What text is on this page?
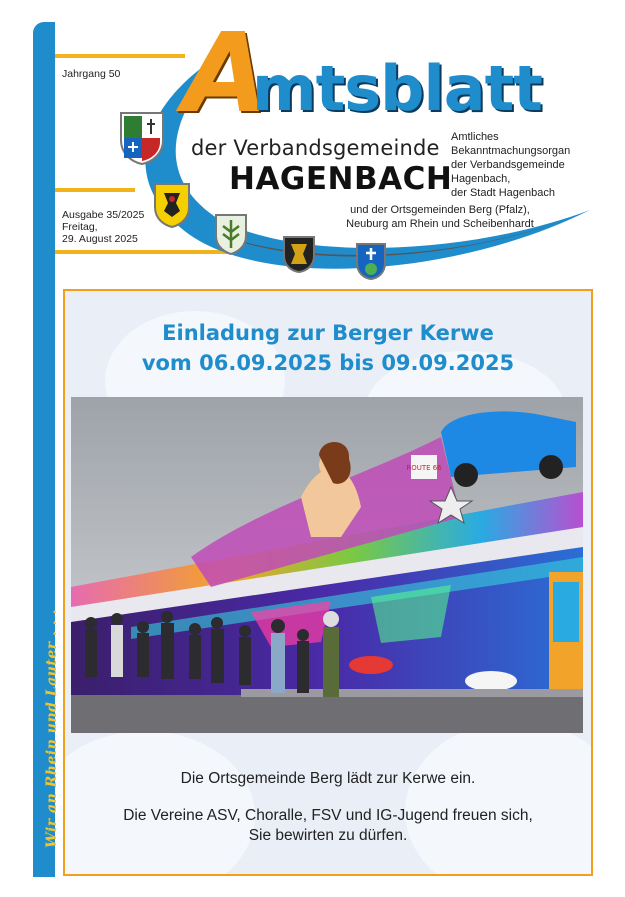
Wir an Rhein und Lauter . . .
Jahrgang 50
Ausgabe 35/2025
Freitag,
29. August 2025
A
mtsblatt
der Verbandsgemeinde
HAGENBACH
Amtliches
Bekanntmachungsorgan
der Verbandsgemeinde
Hagenbach,
der Stadt Hagenbach
und der Ortsgemeinden Berg (Pfalz),
Neuburg am Rhein und Scheibenhardt
Einladung zur Berger Kerwe
vom 06.09.2025 bis 09.09.2025
ROUTE 66
Die Ortsgemeinde Berg lädt zur Kerwe ein.
Die Vereine ASV, Choralle, FSV und IG-Jugend freuen sich,
Sie bewirten zu dürfen.
